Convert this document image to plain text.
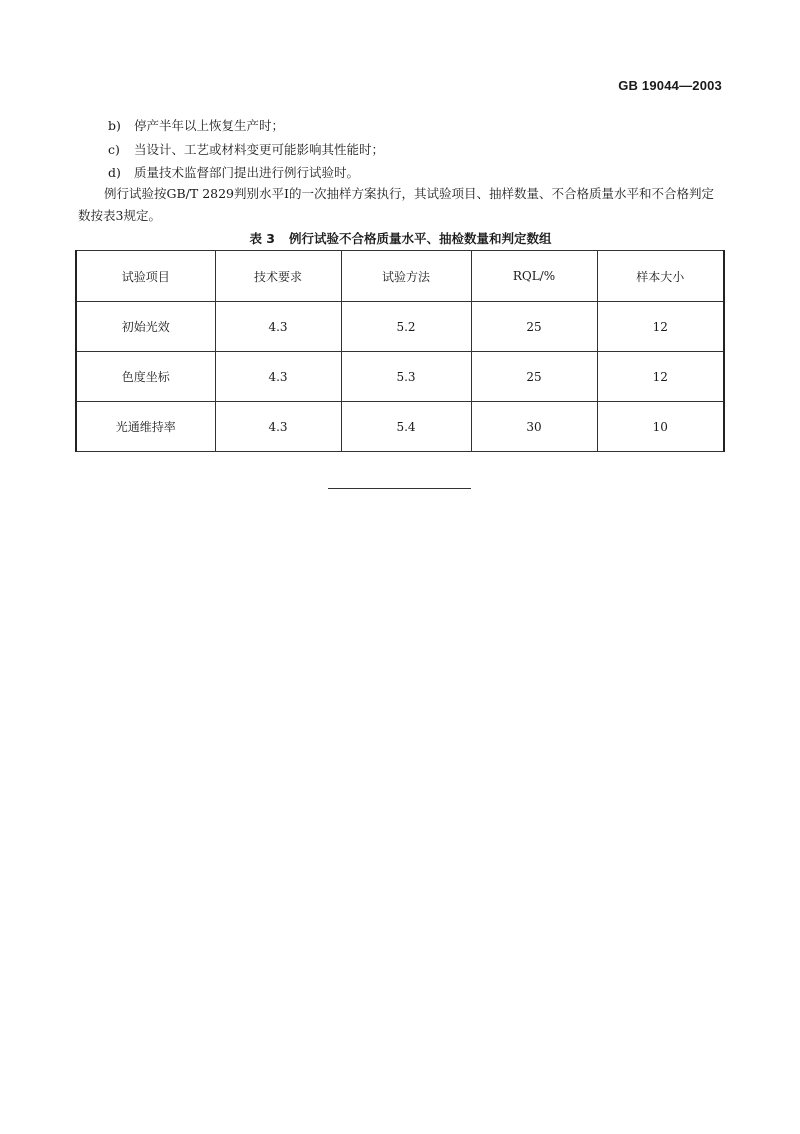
GB 19044—2003
b) 停产半年以上恢复生产时；
c) 当设计、工艺或材料变更可能影响其性能时；
d) 质量技术监督部门提出进行例行试验时。
例行试验按GB/T 2829判别水平Ⅰ的一次抽样方案执行，其试验项目、抽样数量、不合格质量水平和不合格判定数按表3规定。
表 3 例行试验不合格质量水平、抽检数量和判定数组
试验项目	技术要求	试验方法	RQL/%	样本大小
初始光效	4.3	5.2	25	12
色度坐标	4.3	5.3	25	12
光通维持率	4.3	5.4	30	10
